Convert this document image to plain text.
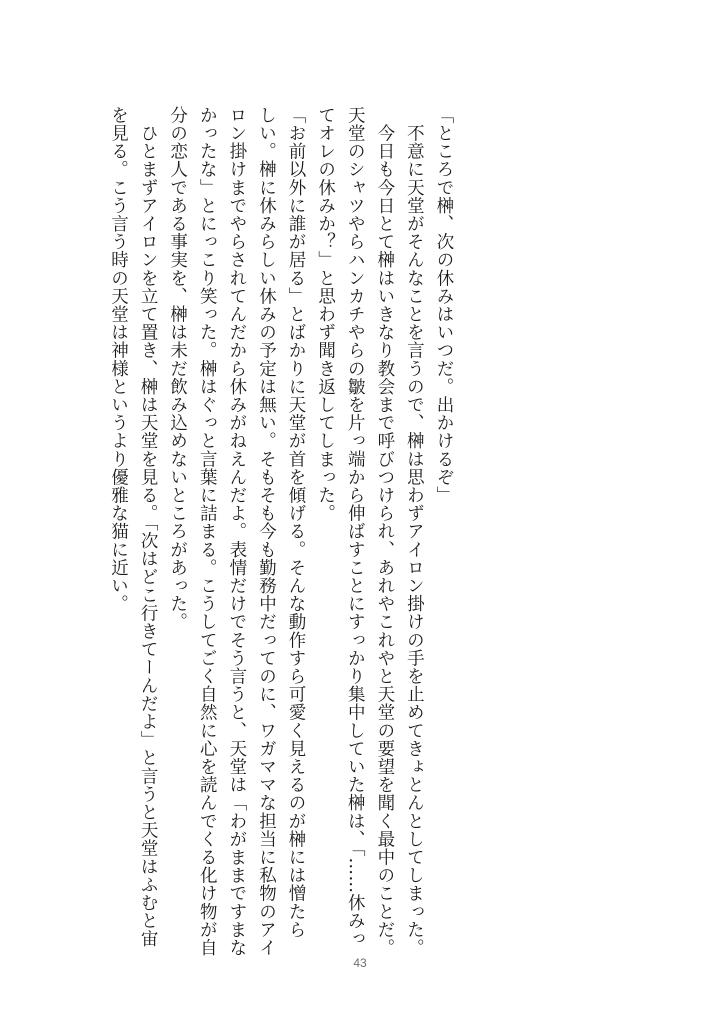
「ところで榊、次の休みはいつだ。出かけるぞ」
　不意に天堂がそんなことを言うので、榊は思わずアイロン掛けの手を止めてきょとんとしてしまった。
　今日も今日とて榊はいきなり教会まで呼びつけられ、あれやこれやと天堂の要望を聞く最中のことだ。
天堂のシャツやらハンカチやらの皺を片っ端から伸ばすことにすっかり集中していた榊は、「……休みっ
てオレの休みか？」と思わず聞き返してしまった。
「お前以外に誰が居る」とばかりに天堂が首を傾げる。そんな動作すら可愛く見えるのが榊には憎たら
しい。榊に休みらしい休みの予定は無い。そもそも今も勤務中だってのに、ワガママな担当に私物のアイ
ロン掛けまでやらされてんだから休みがねえんだよ。表情だけでそう言うと、天堂は「わがままですまな
かったな」とにっこり笑った。榊はぐっと言葉に詰まる。こうしてごく自然に心を読んでくる化け物が自
分の恋人である事実を、榊は未だ飲み込めないところがあった。
　ひとまずアイロンを立て置き、榊は天堂を見る。「次はどこ行きてーんだよ」と言うと天堂はふむと宙
を見る。こう言う時の天堂は神様というより優雅な猫に近い。
43
